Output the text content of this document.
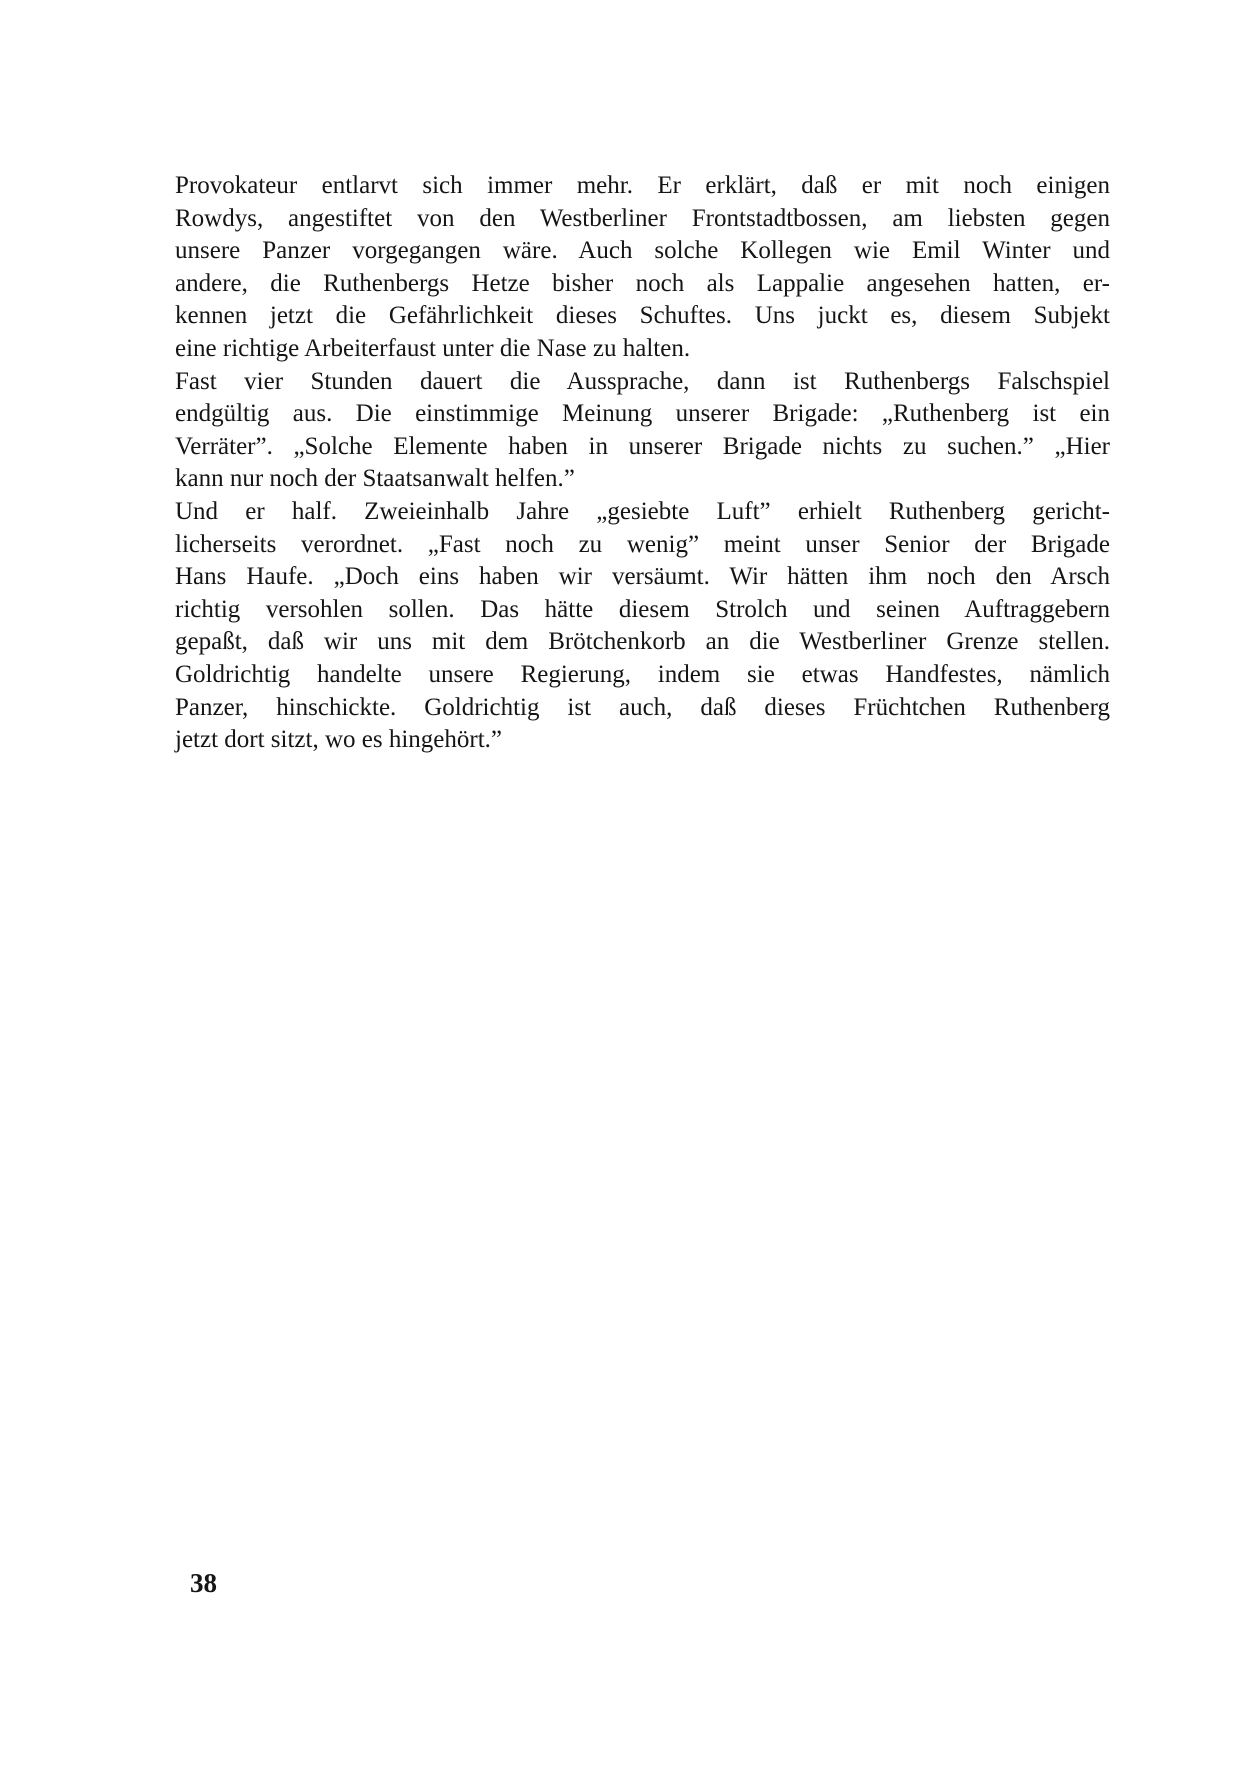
Provokateur entlarvt sich immer mehr. Er erklärt, daß er mit noch einigen
Rowdys, angestiftet von den Westberliner Frontstadtbossen, am liebsten gegen
unsere Panzer vorgegangen wäre. Auch solche Kollegen wie Emil Winter und
andere, die Ruthenbergs Hetze bisher noch als Lappalie angesehen hatten, er-
kennen jetzt die Gefährlichkeit dieses Schuftes. Uns juckt es, diesem Subjekt
eine richtige Arbeiterfaust unter die Nase zu halten.
Fast vier Stunden dauert die Aussprache, dann ist Ruthenbergs Falschspiel
endgültig aus. Die einstimmige Meinung unserer Brigade: „Ruthenberg ist ein
Verräter”. „Solche Elemente haben in unserer Brigade nichts zu suchen.” „Hier
kann nur noch der Staatsanwalt helfen.”
Und er half. Zweieinhalb Jahre „gesiebte Luft” erhielt Ruthenberg gericht-
licherseits verordnet. „Fast noch zu wenig” meint unser Senior der Brigade
Hans Haufe. „Doch eins haben wir versäumt. Wir hätten ihm noch den Arsch
richtig versohlen sollen. Das hätte diesem Strolch und seinen Auftraggebern
gepaßt, daß wir uns mit dem Brötchenkorb an die Westberliner Grenze stellen.
Goldrichtig handelte unsere Regierung, indem sie etwas Handfestes, nämlich
Panzer, hinschickte. Goldrichtig ist auch, daß dieses Früchtchen Ruthenberg
jetzt dort sitzt, wo es hingehört.”
38
